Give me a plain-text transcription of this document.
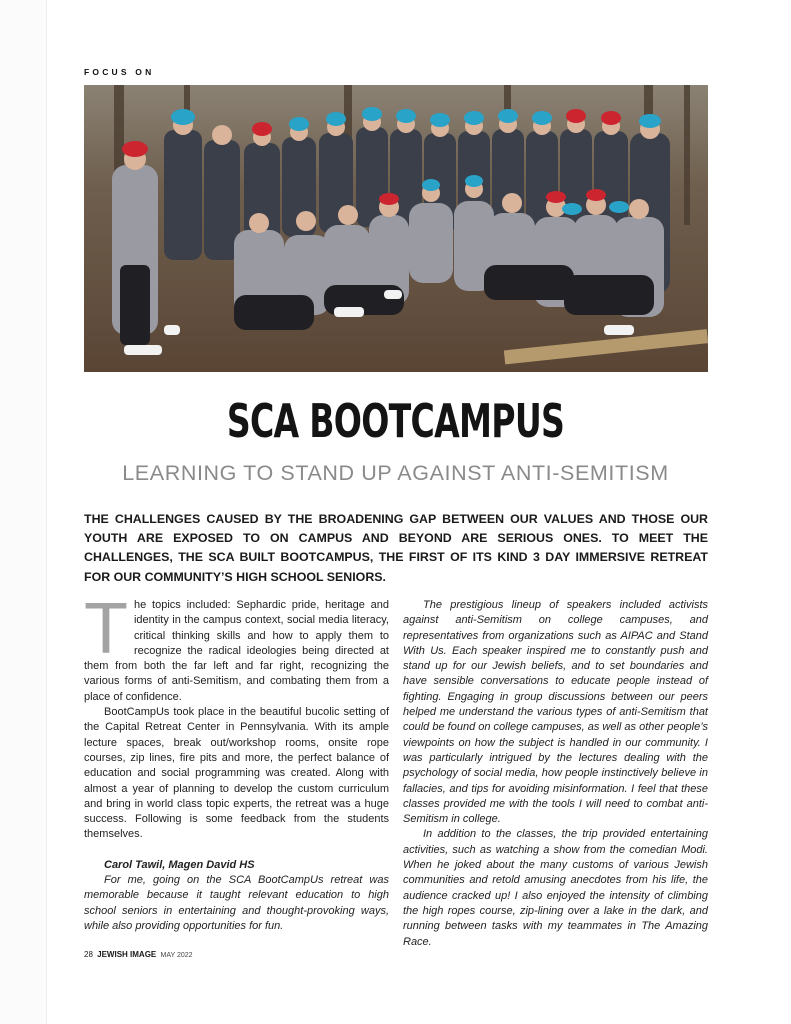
FOCUS ON
SCA BOOTCAMPUS
LEARNING TO STAND UP AGAINST ANTI-SEMITISM

THE CHALLENGES CAUSED BY THE BROADENING GAP BETWEEN OUR VALUES AND THOSE OUR YOUTH ARE EXPOSED TO ON CAMPUS AND BEYOND ARE SERIOUS ONES. TO MEET THE CHALLENGES, THE SCA BUILT BOOTCAMPUS, THE FIRST OF ITS KIND 3 DAY IMMERSIVE RETREAT FOR OUR COMMUNITY’S HIGH SCHOOL SENIORS.

The topics included: Sephardic pride, heritage and identity in the campus context, social media literacy, critical thinking skills and how to apply them to recognize the radical ideologies being directed at them from both the far left and far right, recognizing the various forms of anti-Semitism, and combating them from a place of confidence.

BootCampUs took place in the beautiful bucolic setting of the Capital Retreat Center in Pennsylvania. With its ample lecture spaces, break out/workshop rooms, onsite rope courses, zip lines, fire pits and more, the perfect balance of education and social programming was created. Along with almost a year of planning to develop the custom curriculum and bring in world class topic experts, the retreat was a huge success. Following is some feedback from the students themselves.

Carol Tawil, Magen David HS

For me, going on the SCA BootCampUs retreat was memorable because it taught relevant education to high school seniors in entertaining and thought-provoking ways, while also providing opportunities for fun.

The prestigious lineup of speakers included activists against anti-Semitism on college campuses, and representatives from organizations such as AIPAC and Stand With Us. Each speaker inspired me to constantly push and stand up for our Jewish beliefs, and to set boundaries and have sensible conversations to educate people instead of fighting. Engaging in group discussions between our peers helped me understand the various types of anti-Semitism that could be found on college campuses, as well as other people’s viewpoints on how the subject is handled in our community. I was particularly intrigued by the lectures dealing with the psychology of social media, how people instinctively believe in fallacies, and tips for avoiding misinformation. I feel that these classes provided me with the tools I will need to combat anti-Semitism in college.

In addition to the classes, the trip provided entertaining activities, such as watching a show from the comedian Modi. When he joked about the many customs of various Jewish communities and retold amusing anecdotes from his life, the audience cracked up! I also enjoyed the intensity of climbing the high ropes course, zip-lining over a lake in the dark, and running between tasks with my teammates in The Amazing Race.

28 JEWISH IMAGE MAY 2022
